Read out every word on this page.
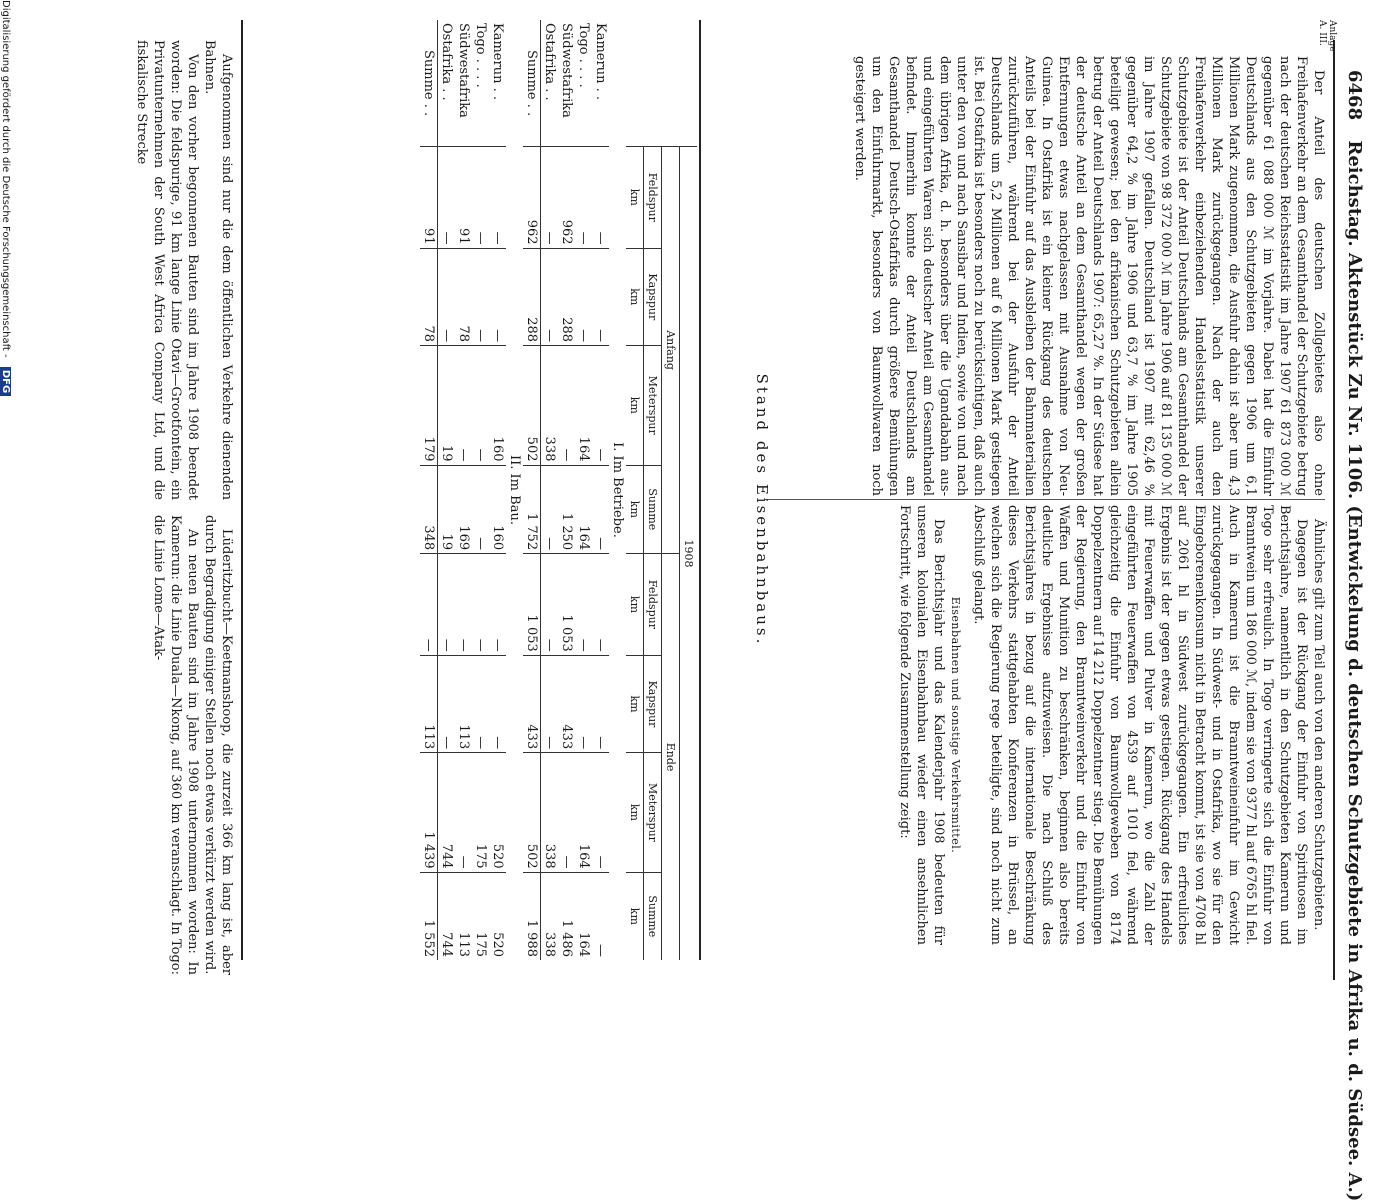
6468 Reichstag. Aktenstück Zu Nr. 1106. (Entwickelung d. deutschen Schutzgebiete in Afrika u. d. Südsee. A.)
Anlage A. III.

Der Anteil des deutschen Zollgebietes also ohne Freihafenverkehr an dem Gesamthandel der Schutzgebiete betrug nach der deutschen Reichsstatistik im Jahre 1907 61 873 000 ℳ gegenüber 61 088 000 ℳ im Vorjahre. Dabei hat die Einfuhr Deutschlands aus den Schutzgebieten gegen 1906 um 6,1 Millionen Mark zugenommen, die Ausfuhr dahin ist aber um 4,3 Millionen Mark zurückgegangen. Nach der auch den Freihafenverkehr einbeziehenden Handelsstatistik unserer Schutzgebiete ist der Anteil Deutschlands am Gesamthandel der Schutzgebiete von 98 372 000 ℳ im Jahre 1906 auf 81 135 000 ℳ im Jahre 1907 gefallen. Deutschland ist 1907 mit 62,46 % gegenüber 64,2 % im Jahre 1906 und 63,7 % im Jahre 1905 beteiligt gewesen; bei den afrikanischen Schutzgebieten allein betrug der Anteil Deutschlands 1907: 65,27 %. In der Südsee hat der deutsche Anteil an dem Gesamthandel wegen der großen Entfernungen etwas nachgelassen mit Ausnahme von Neu-Guinea. In Ostafrika ist ein kleiner Rückgang des deutschen Anteils bei der Einfuhr auf das Ausbleiben der Bahnmaterialien zurückzuführen, während bei der Ausfuhr der Anteil Deutschlands um 5,2 Millionen auf 6 Millionen Mark gestiegen ist. Bei Ostafrika ist besonders noch zu berücksichtigen, daß auch unter den von und nach Sansibar und Indien, sowie von und nach dem übrigen Afrika, d. h. besonders über die Ugandabahn aus- und eingeführten Waren sich deutscher Anteil am Gesamthandel befindet. Immerhin konnte der Anteil Deutschlands am Gesamthandel Deutsch-Ostafrikas durch größere Bemühungen um den Einfuhrmarkt, besonders von Baumwollwaren noch gesteigert werden.

Ähnliches gilt zum Teil auch von den anderen Schutzgebieten.

Dagegen ist der Rückgang der Einfuhr von Spirituosen im Berichtsjahre, namentlich in den Schutzgebieten Kamerun und Togo sehr erfreulich. In Togo verringerte sich die Einfuhr von Branntwein um 186 000 ℳ, indem sie von 9377 hl auf 6765 hl fiel. Auch in Kamerun ist die Branntweineinfuhr im Gewicht zurückgegangen. In Südwest- und in Ostafrika, wo sie für den Eingeborenenkonsum nicht in Betracht kommt, ist sie von 4708 hl auf 2061 hl in Südwest zurückgegangen. Ein erfreuliches Ergebnis ist der gegen etwas gestiegen. Rückgang des Handels mit Feuerwaffen und Pulver in Kamerun, wo die Zahl der eingeführten Feuerwaffen von 4539 auf 1010 fiel, während gleichzeitig die Einfuhr von Baumwollgeweben von 8174 Doppelzentnern auf 14 212 Doppelzentner stieg. Die Bemühungen der Regierung, den Branntweinverkehr und die Einfuhr von Waffen und Munition zu beschränken, beginnen also bereits deutliche Ergebnisse aufzuweisen. Die nach Schluß des Berichtsjahres in bezug auf die internationale Beschränkung dieses Verkehrs stattgehabten Konferenzen in Brüssel, an welchen sich die Regierung rege beteiligte, sind noch nicht zum Abschluß gelangt.

Eisenbahnen und sonstige Verkehrsmittel.

Das Berichtsjahr und das Kalenderjahr 1908 bedeuten für unseren kolonialen Eisenbahnbau wieder einen ansehnlichen Fortschritt, wie folgende Zusammenstellung zeigt:

Stand des Eisenbahnbaus.
	1908							
	Anfang				Ende			
	Feldspur	Kapspur	Meterspur	Summe	Feldspur	Kapspur	Meterspur	Summe
	km	km	km	km	km	km	km	km
I. Im Betriebe.								
Kamerun . .	—	—	—	—	—	—	—	—
Togo . . . .	—	—	164	164	—	—	164	164
Südwestafrika	962	288	—	1 250	1 053	433	—	1 486
Ostafrika . .	—	—	338	—	—	—	338	338
Summe . .	962	288	502	1 752	1 053	433	502	1 988
II. Im Bau.								
Kamerun . .	—	—	160	160	—	—	520	520
Togo . . . .	—	—	—	—	—	—	175	175
Südwestafrika	91	78	—	169	—	113	—	113
Ostafrika . .	—	—	19	19	—	—	744	744
Summe . .	91	78	179	348	—	113	1 439	1 552

Aufgenommen sind nur die dem öffentlichen Verkehre dienenden Bahnen.

Von den vorher begonnenen Bauten sind im Jahre 1908 beendet worden: Die feldspurige, 91 km lange Linie Otavi—Grootfontein, ein Privatunternehmen der South West Africa Company Ltd, und die fiskalische Strecke

Lüderitzbucht—Keetmanshoop, die zurzeit 366 km lang ist, aber durch Begradigung einiger Stellen noch etwas verkürzt werden wird.

An neuen Bauten sind im Jahre 1908 unternommen worden: In Kamerun: die Linie Duala—Nkong, auf 360 km veranschlagt. In Togo: die Linie Lome—Atak-

Digitalisierung gefördert durch die Deutsche Forschungsgemeinschaft - DFG
